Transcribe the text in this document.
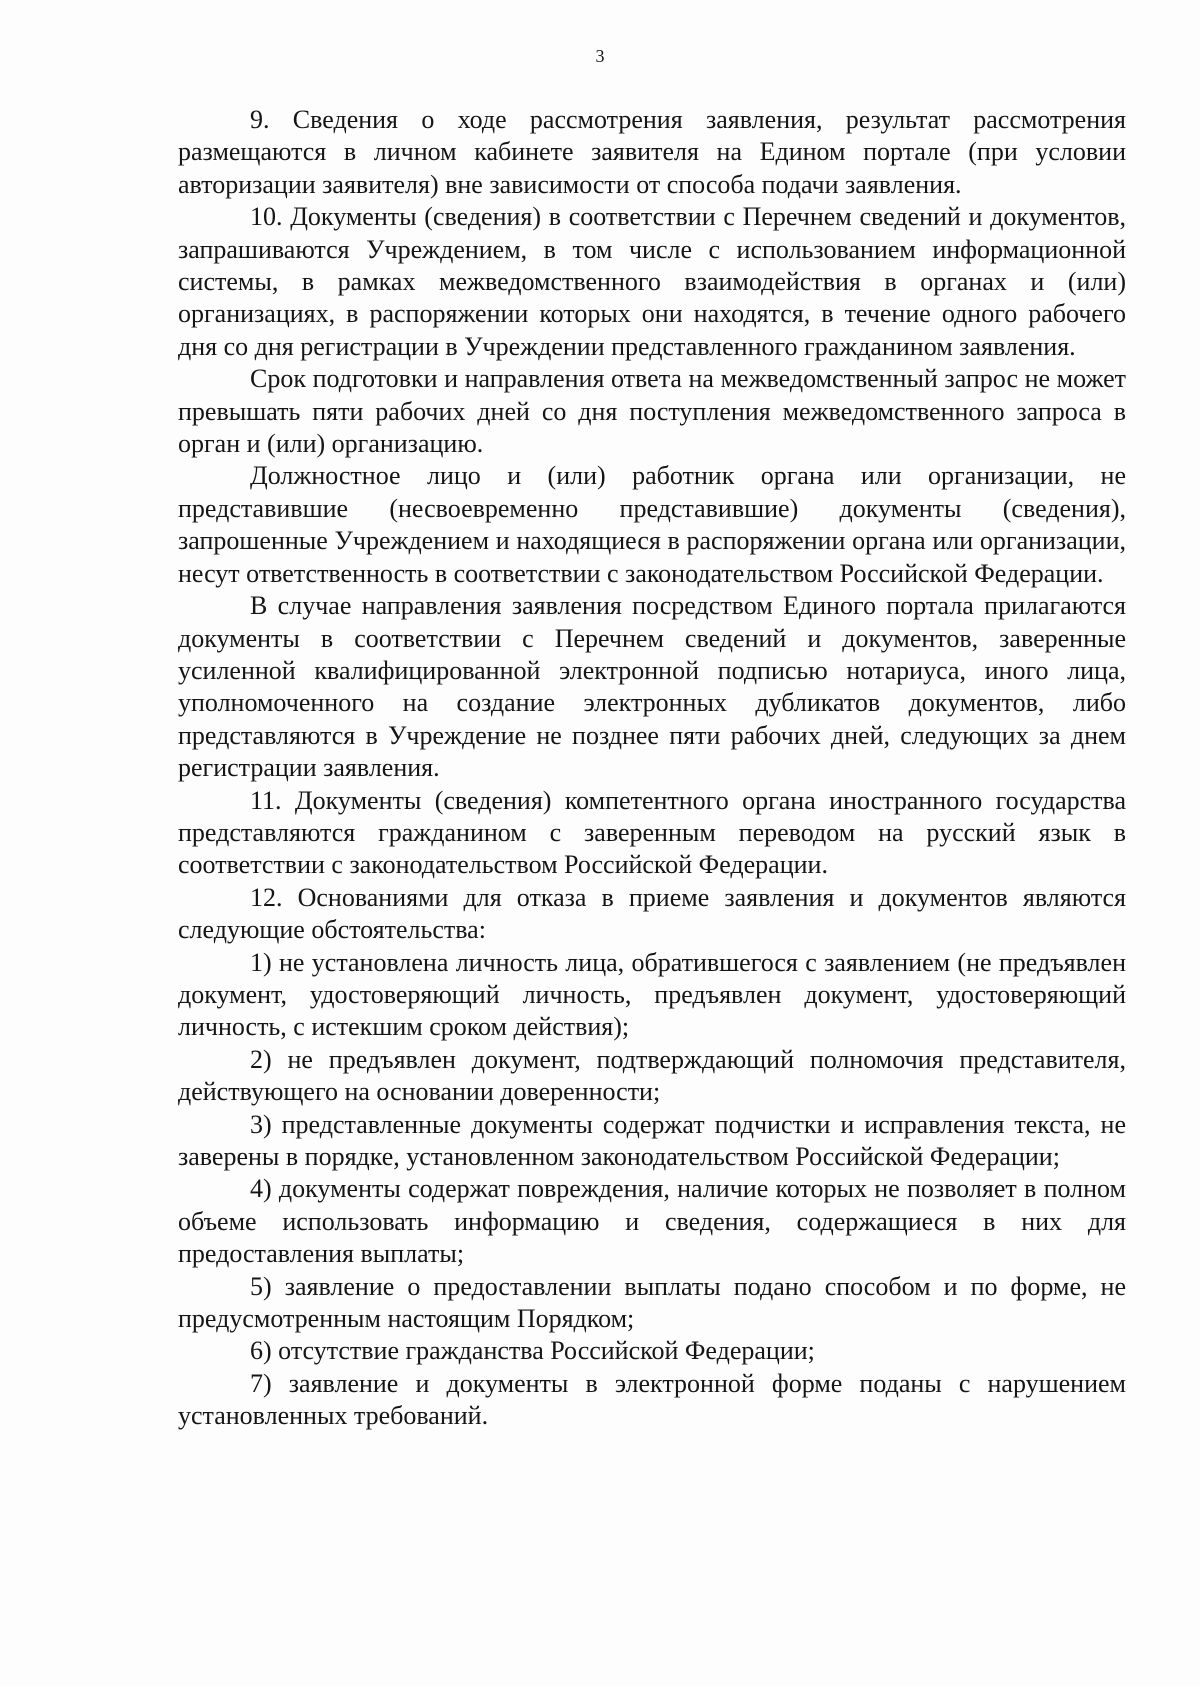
3

9. Сведения о ходе рассмотрения заявления, результат рассмотрения размещаются в личном кабинете заявителя на Едином портале (при условии авторизации заявителя) вне зависимости от способа подачи заявления.

10. Документы (сведения) в соответствии с Перечнем сведений и документов, запрашиваются Учреждением, в том числе с использованием информационной системы, в рамках межведомственного взаимодействия в органах и (или) организациях, в распоряжении которых они находятся, в течение одного рабочего дня со дня регистрации в Учреждении представленного гражданином заявления.

Срок подготовки и направления ответа на межведомственный запрос не может превышать пяти рабочих дней со дня поступления межведомственного запроса в орган и (или) организацию.

Должностное лицо и (или) работник органа или организации, не представившие (несвоевременно представившие) документы (сведения), запрошенные Учреждением и находящиеся в распоряжении органа или организации, несут ответственность в соответствии с законодательством Российской Федерации.

В случае направления заявления посредством Единого портала прилагаются документы в соответствии с Перечнем сведений и документов, заверенные усиленной квалифицированной электронной подписью нотариуса, иного лица, уполномоченного на создание электронных дубликатов документов, либо представляются в Учреждение не позднее пяти рабочих дней, следующих за днем регистрации заявления.

11. Документы (сведения) компетентного органа иностранного государства представляются гражданином с заверенным переводом на русский язык в соответствии с законодательством Российской Федерации.

12. Основаниями для отказа в приеме заявления и документов являются следующие обстоятельства:

1) не установлена личность лица, обратившегося с заявлением (не предъявлен документ, удостоверяющий личность, предъявлен документ, удостоверяющий личность, с истекшим сроком действия);

2) не предъявлен документ, подтверждающий полномочия представителя, действующего на основании доверенности;

3) представленные документы содержат подчистки и исправления текста, не заверены в порядке, установленном законодательством Российской Федерации;

4) документы содержат повреждения, наличие которых не позволяет в полном объеме использовать информацию и сведения, содержащиеся в них для предоставления выплаты;

5) заявление о предоставлении выплаты подано способом и по форме, не предусмотренным настоящим Порядком;

6) отсутствие гражданства Российской Федерации;

7) заявление и документы в электронной форме поданы с нарушением установленных требований.
